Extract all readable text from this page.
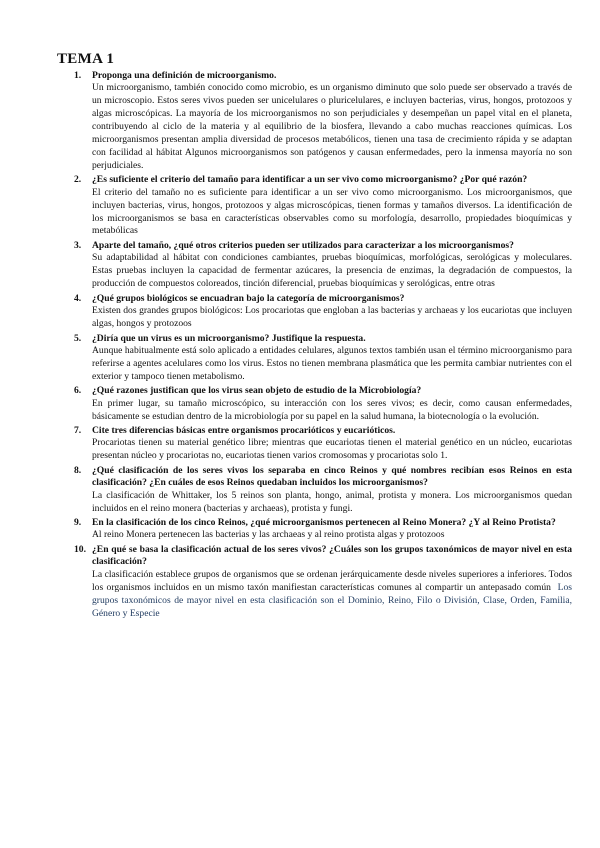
TEMA 1
1. Proponga una definición de microorganismo.
Un microorganismo, también conocido como microbio, es un organismo diminuto que solo puede ser observado a través de un microscopio. Estos seres vivos pueden ser unicelulares o pluricelulares, e incluyen bacterias, virus, hongos, protozoos y algas microscópicas. La mayoría de los microorganismos no son perjudiciales y desempeñan un papel vital en el planeta, contribuyendo al ciclo de la materia y al equilibrio de la biosfera, llevando a cabo muchas reacciones químicas. Los microorganismos presentan amplia diversidad de procesos metabólicos, tienen una tasa de crecimiento rápida y se adaptan con facilidad al hábitat Algunos microorganismos son patógenos y causan enfermedades, pero la inmensa mayoría no son perjudiciales.
2. ¿Es suficiente el criterio del tamaño para identificar a un ser vivo como microorganismo? ¿Por qué razón?
El criterio del tamaño no es suficiente para identificar a un ser vivo como microorganismo. Los microorganismos, que incluyen bacterias, virus, hongos, protozoos y algas microscópicas, tienen formas y tamaños diversos. La identificación de los microorganismos se basa en características observables como su morfología, desarrollo, propiedades bioquímicas y metabólicas
3. Aparte del tamaño, ¿qué otros criterios pueden ser utilizados para caracterizar a los microorganismos?
Su adaptabilidad al hábitat con condiciones cambiantes, pruebas bioquímicas, morfológicas, serológicas y moleculares. Estas pruebas incluyen la capacidad de fermentar azúcares, la presencia de enzimas, la degradación de compuestos, la producción de compuestos coloreados, tinción diferencial, pruebas bioquímicas y serológicas, entre otras
4. ¿Qué grupos biológicos se encuadran bajo la categoría de microorganismos?
Existen dos grandes grupos biológicos: Los procariotas que engloban a las bacterias y archaeas y los eucariotas que incluyen algas, hongos y protozoos
5. ¿Diría que un virus es un microorganismo? Justifique la respuesta.
Aunque habitualmente está solo aplicado a entidades celulares, algunos textos también usan el término microorganismo para referirse a agentes acelulares como los virus. Estos no tienen membrana plasmática que les permita cambiar nutrientes con el exterior y tampoco tienen metabolismo.
6. ¿Qué razones justifican que los virus sean objeto de estudio de la Microbiología?
En primer lugar, su tamaño microscópico, su interacción con los seres vivos; es decir, como causan enfermedades, básicamente se estudian dentro de la microbiología por su papel en la salud humana, la biotecnología o la evolución.
7. Cite tres diferencias básicas entre organismos procarióticos y eucarióticos.
Procariotas tienen su material genético libre; mientras que eucariotas tienen el material genético en un núcleo, eucariotas presentan núcleo y procariotas no, eucariotas tienen varios cromosomas y procariotas solo 1.
8. ¿Qué clasificación de los seres vivos los separaba en cinco Reinos y qué nombres recibían esos Reinos en esta clasificación? ¿En cuáles de esos Reinos quedaban incluidos los microorganismos?
La clasificación de Whittaker, los 5 reinos son planta, hongo, animal, protista y monera. Los microorganismos quedan incluidos en el reino monera (bacterias y archaeas), protista y fungi.
9. En la clasificación de los cinco Reinos, ¿qué microorganismos pertenecen al Reino Monera? ¿Y al Reino Protista?
Al reino Monera pertenecen las bacterias y las archaeas y al reino protista algas y protozoos
10. ¿En qué se basa la clasificación actual de los seres vivos? ¿Cuáles son los grupos taxonómicos de mayor nivel en esta clasificación?
La clasificación establece grupos de organismos que se ordenan jerárquicamente desde niveles superiores a inferiores. Todos los organismos incluidos en un mismo taxón manifiestan características comunes al compartir un antepasado común Los grupos taxonómicos de mayor nivel en esta clasificación son el Dominio, Reino, Filo o División, Clase, Orden, Familia, Género y Especie
